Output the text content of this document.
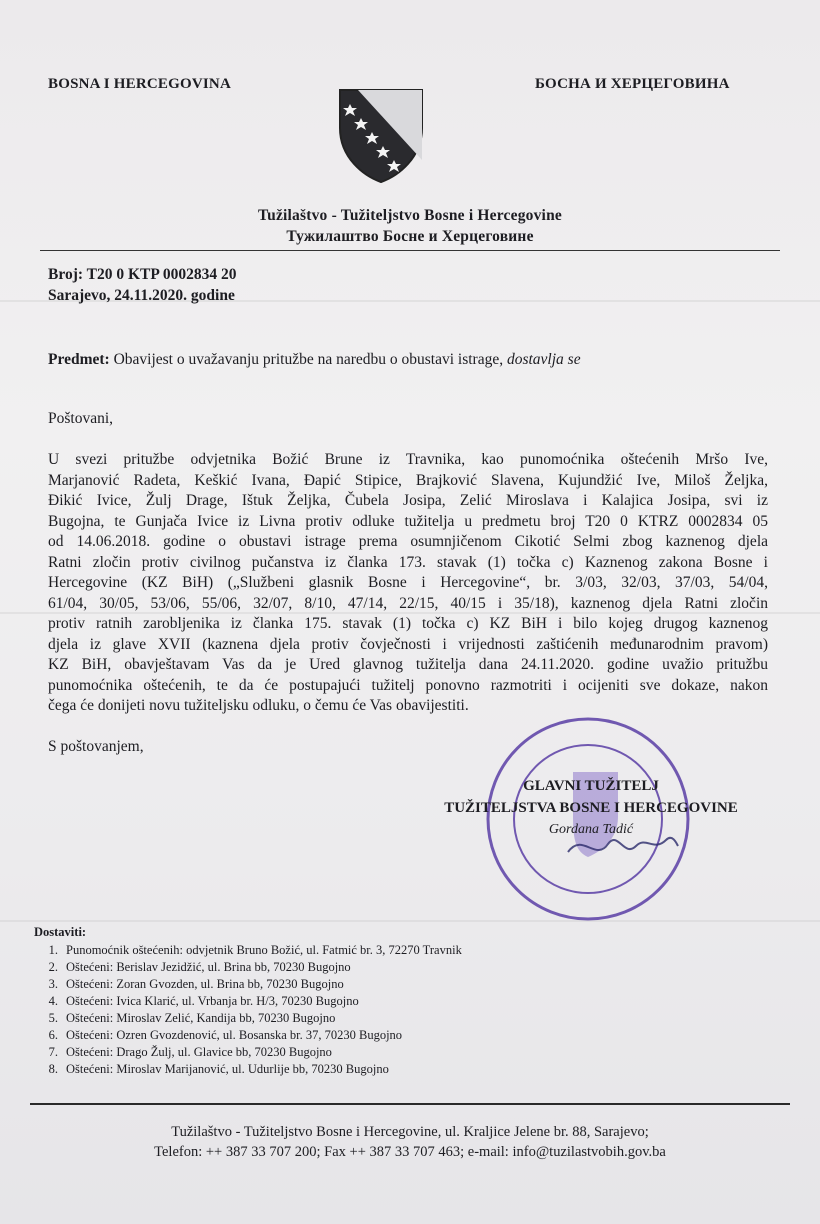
BOSNA I HERCEGOVINA	БОСНА И ХЕРЦЕГОВИНА
Tužilaštvo - Tužiteljstvo Bosne i Hercegovine
Тужилаштво Босне и Херцеговине
Broj: T20 0 KTP 0002834 20
Sarajevo, 24.11.2020. godine
Predmet: Obavijest o uvažavanju pritužbe na naredbu o obustavi istrage, dostavlja se
Poštovani,
U svezi pritužbe odvjetnika Božić Brune iz Travnika, kao punomoćnika oštećenih Mršo Ive,
Marjanović Radeta, Keškić Ivana, Đapić Stipice, Brajković Slavena, Kujundžić Ive, Miloš Željka,
Đikić Ivice, Žulj Drage, Ištuk Željka, Čubela Josipa, Zelić Miroslava i Kalajica Josipa, svi iz
Bugojna, te Gunjača Ivice iz Livna protiv odluke tužitelja u predmetu broj T20 0 KTRZ 0002834 05
od 14.06.2018. godine o obustavi istrage prema osumnjičenom Cikotić Selmi zbog kaznenog djela
Ratni zločin protiv civilnog pučanstva iz članka 173. stavak (1) točka c) Kaznenog zakona Bosne i
Hercegovine (KZ BiH) („Službeni glasnik Bosne i Hercegovine“, br. 3/03, 32/03, 37/03, 54/04,
61/04, 30/05, 53/06, 55/06, 32/07, 8/10, 47/14, 22/15, 40/15 i 35/18), kaznenog djela Ratni zločin
protiv ratnih zarobljenika iz članka 175. stavak (1) točka c) KZ BiH i bilo kojeg drugog kaznenog
djela iz glave XVII (kaznena djela protiv čovječnosti i vrijednosti zaštićenih međunarodnim pravom)
KZ BiH, obavještavam Vas da je Ured glavnog tužitelja dana 24.11.2020. godine uvažio pritužbu
punomoćnika oštećenih, te da će postupajući tužitelj ponovno razmotriti i ocijeniti sve dokaze, nakon
čega će donijeti novu tužiteljsku odluku, o čemu će Vas obavijestiti.
S poštovanjem,
GLAVNI TUŽITELJ
TUŽITELJSTVA BOSNE I HERCEGOVINE
Gordana Tadić
Dostaviti:
1. Punomoćnik oštećenih: odvjetnik Bruno Božić, ul. Fatmić br. 3, 72270 Travnik
2. Oštećeni: Berislav Jezidžić, ul. Brina bb, 70230 Bugojno
3. Oštećeni: Zoran Gvozden, ul. Brina bb, 70230 Bugojno
4. Oštećeni: Ivica Klarić, ul. Vrbanja br. H/3, 70230 Bugojno
5. Oštećeni: Miroslav Zelić, Kandija bb, 70230 Bugojno
6. Oštećeni: Ozren Gvozdenović, ul. Bosanska br. 37, 70230 Bugojno
7. Oštećeni: Drago Žulj, ul. Glavice bb, 70230 Bugojno
8. Oštećeni: Miroslav Marijanović, ul. Udurlije bb, 70230 Bugojno
Tužilaštvo - Tužiteljstvo Bosne i Hercegovine, ul. Kraljice Jelene br. 88, Sarajevo;
Telefon: ++ 387 33 707 200; Fax ++ 387 33 707 463; e-mail: info@tuzilastvobih.gov.ba
